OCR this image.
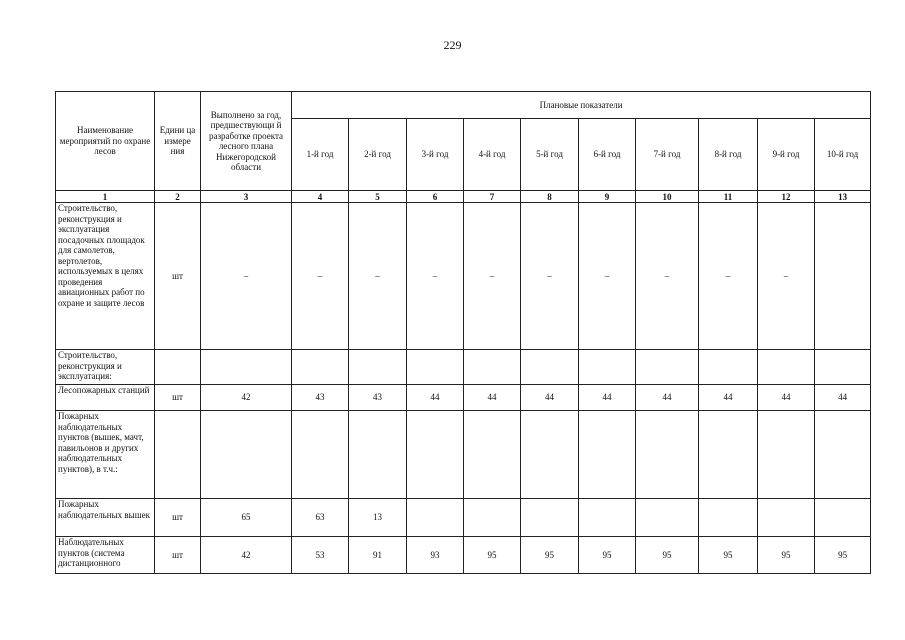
229
Наименование мероприятий по охране лесов	Едини ца измере ния	Выполнено за год, предшествующи й разработке проекта лесного плана Нижегородской области	Плановые показатели									
			1-й год	2-й год	3-й год	4-й год	5-й год	6-й год	7-й год	8-й год	9-й год	10-й год
1	2	3	4	5	6	7	8	9	10	11	12	13
Строительство, реконструкция и эксплуатация посадочных площадок для самолетов, вертолетов, используемых в целях проведения авиационных работ по охране и защите лесов	шт	–	–	–	–	–	–	–	–	–	–	
Строительство, реконструкция и эксплуатация:												
Лесопожарных станций	шт	42	43	43	44	44	44	44	44	44	44	44
Пожарных наблюдательных пунктов (вышек, мачт, павильонов и других наблюдательных пунктов), в т.ч.:												
Пожарных наблюдательных вышек	шт	65	63	13								
Наблюдательных пунктов (система дистанционного	шт	42	53	91	93	95	95	95	95	95	95	95
